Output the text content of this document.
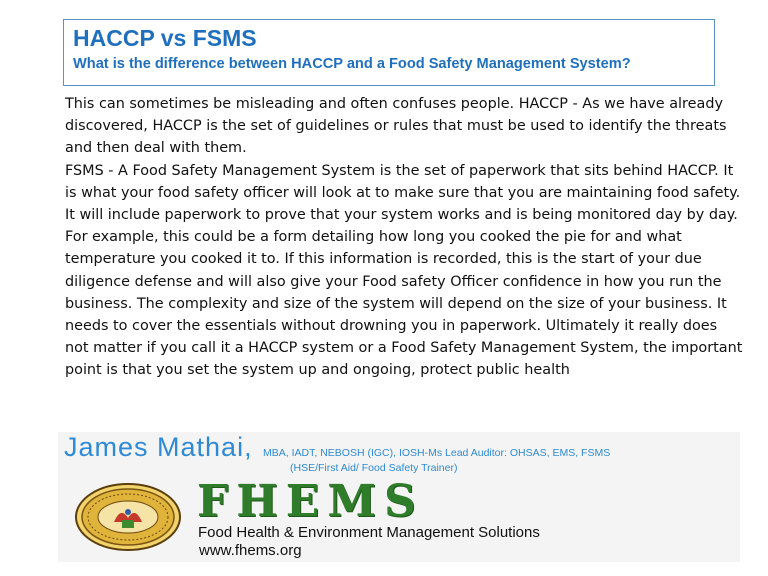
HACCP vs FSMS
What is the difference between HACCP and a Food Safety Management System?

This can sometimes be misleading and often confuses people. HACCP - As we have already discovered, HACCP is the set of guidelines or rules that must be used to identify the threats and then deal with them.

FSMS - A Food Safety Management System is the set of paperwork that sits behind HACCP. It is what your food safety officer will look at to make sure that you are maintaining food safety. It will include paperwork to prove that your system works and is being monitored day by day. For example, this could be a form detailing how long you cooked the pie for and what temperature you cooked it to. If this information is recorded, this is the start of your due diligence defense and will also give your Food safety Officer confidence in how you run the business. The complexity and size of the system will depend on the size of your business. It needs to cover the essentials without drowning you in paperwork. Ultimately it really does not matter if you call it a HACCP system or a Food Safety Management System, the important point is that you set the system up and ongoing, protect public health

James Mathai, MBA, IADT, NEBOSH (IGC), IOSH-Ms Lead Auditor: OHSAS, EMS, FSMS
(HSE/First Aid/ Food Safety Trainer)
FHEMS
Food Health & Environment Management Solutions
www.fhems.org
